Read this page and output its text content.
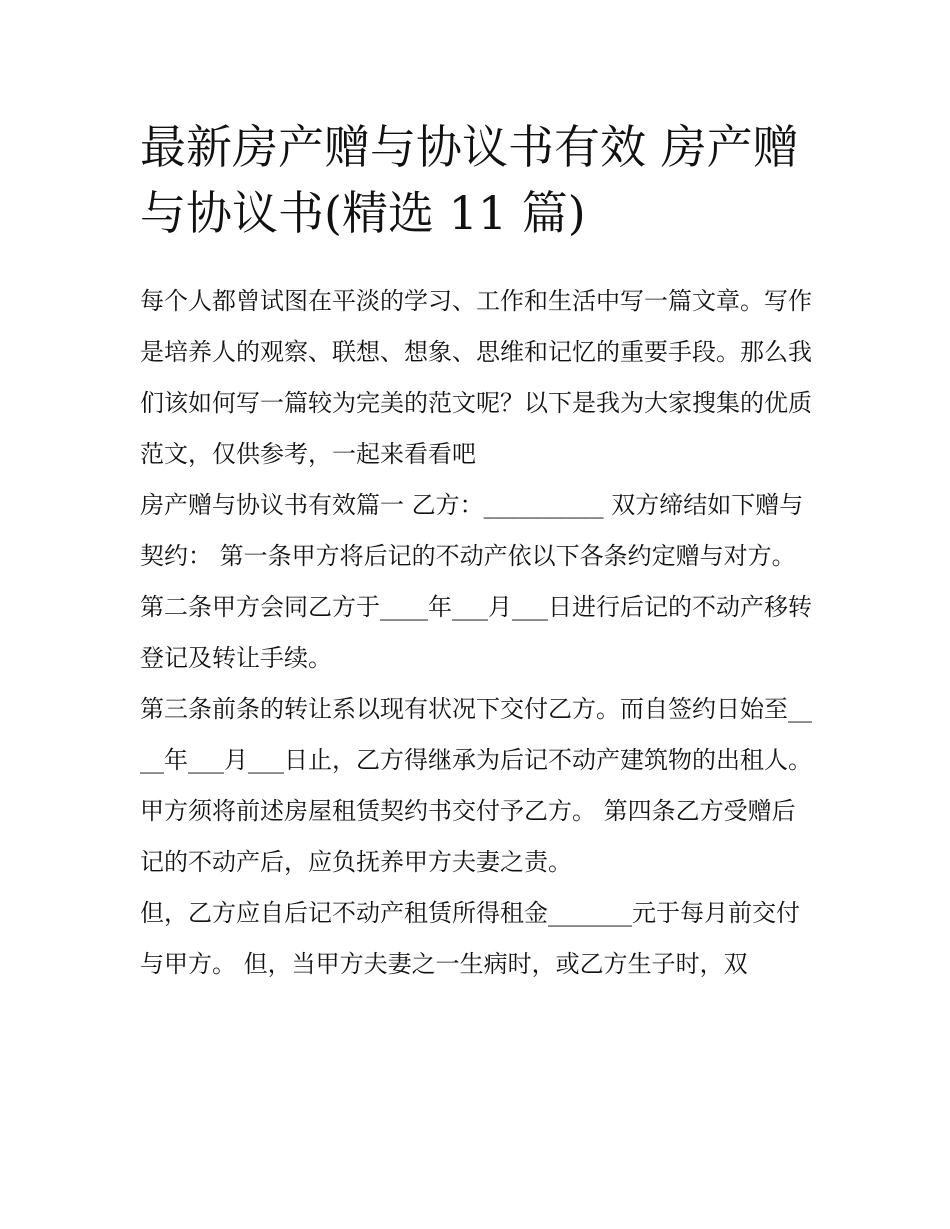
最新房产赠与协议书有效 房产赠与协议书(精选 11 篇)

每个人都曾试图在平淡的学习、工作和生活中写一篇文章。写作是培养人的观察、联想、想象、思维和记忆的重要手段。那么我们该如何写一篇较为完美的范文呢？以下是我为大家搜集的优质范文，仅供参考，一起来看看吧

房产赠与协议书有效篇一 乙方：__________ 双方缔结如下赠与契约： 第一条甲方将后记的不动产依以下各条约定赠与对方。

第二条甲方会同乙方于____年___月___日进行后记的不动产移转登记及转让手续。

第三条前条的转让系以现有状况下交付乙方。而自签约日始至____年___月___日止，乙方得继承为后记不动产建筑物的出租人。

甲方须将前述房屋租赁契约书交付予乙方。 第四条乙方受赠后记的不动产后，应负抚养甲方夫妻之责。

但，乙方应自后记不动产租赁所得租金_______元于每月前交付与甲方。 但，当甲方夫妻之一生病时，或乙方生子时，双
